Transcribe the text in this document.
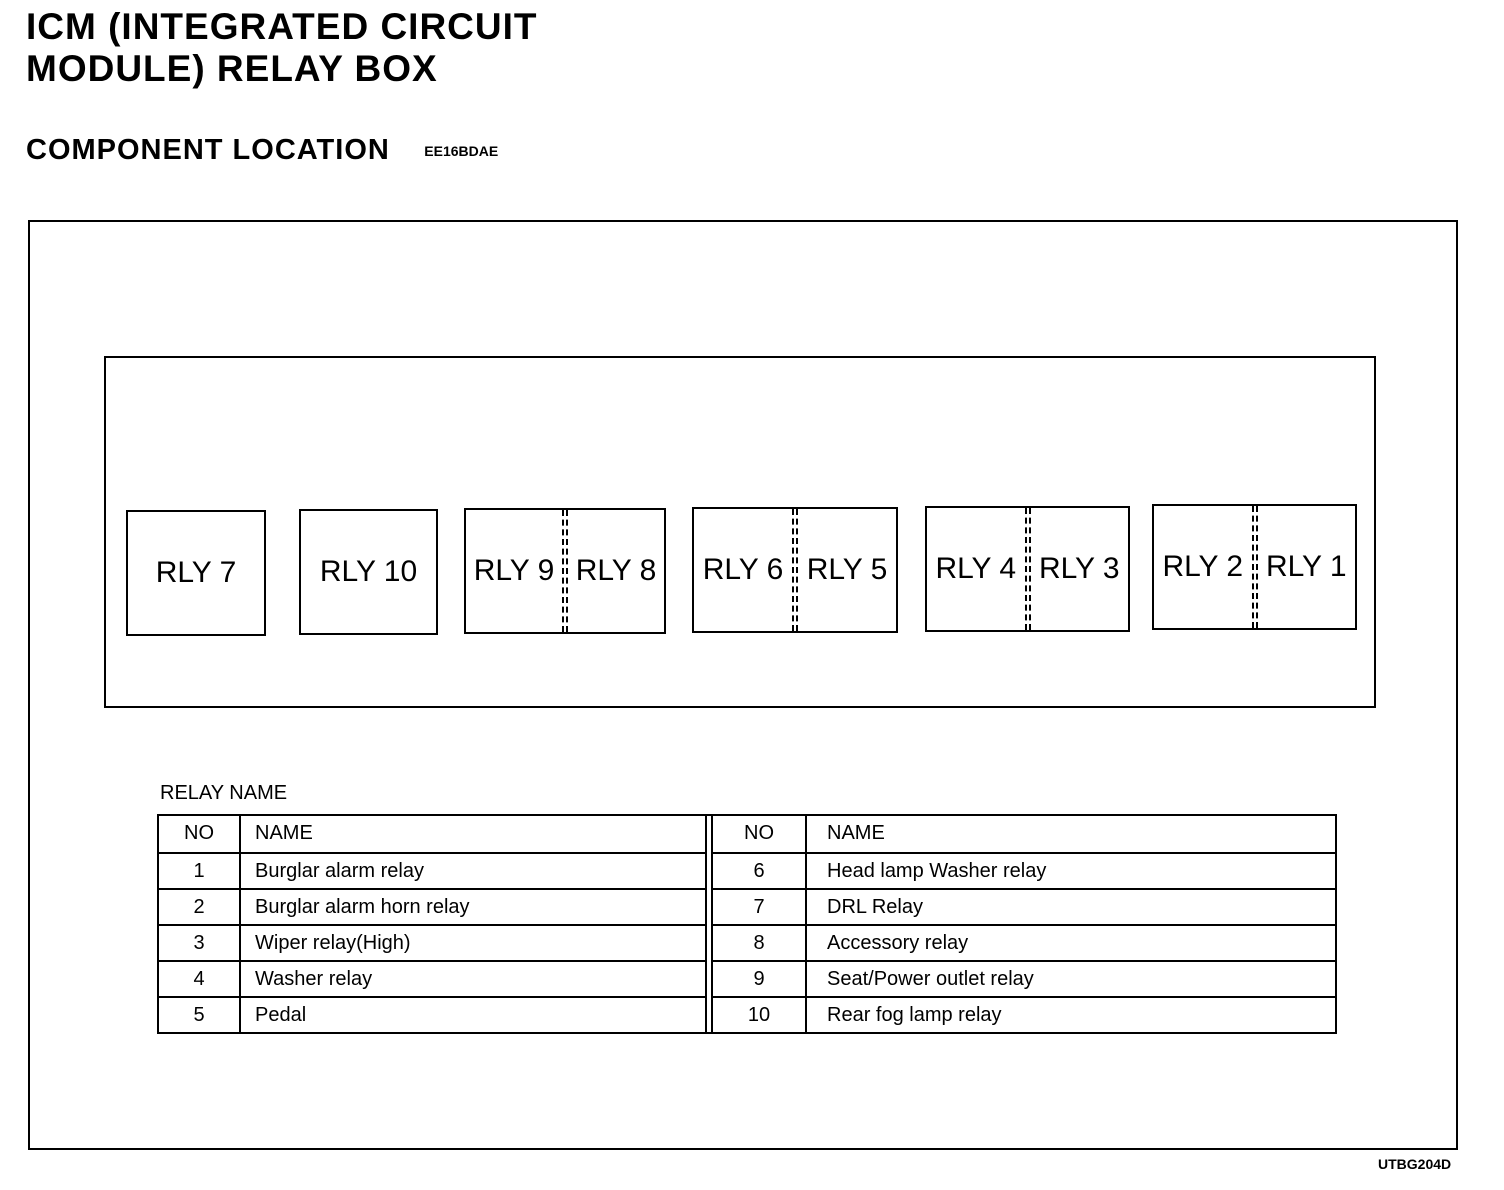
ICM (INTEGRATED CIRCUIT
MODULE) RELAY BOX
COMPONENT LOCATION EE16BDAE
RLY 7	RLY 10	RLY 9 RLY 8 RLY 6 RLY 5 RLY 4 RLY 3 RLY 2 RLY 1
RELAY NAME
NO	NAME
1	Burglar alarm relay
2	Burglar alarm horn relay
3	Wiper relay(High)
4	Washer relay
5	Pedal
NO	NAME
6	Head lamp Washer relay
7	DRL Relay
8	Accessory relay
9	Seat/Power outlet relay
10	Rear fog lamp relay
UTBG204D
